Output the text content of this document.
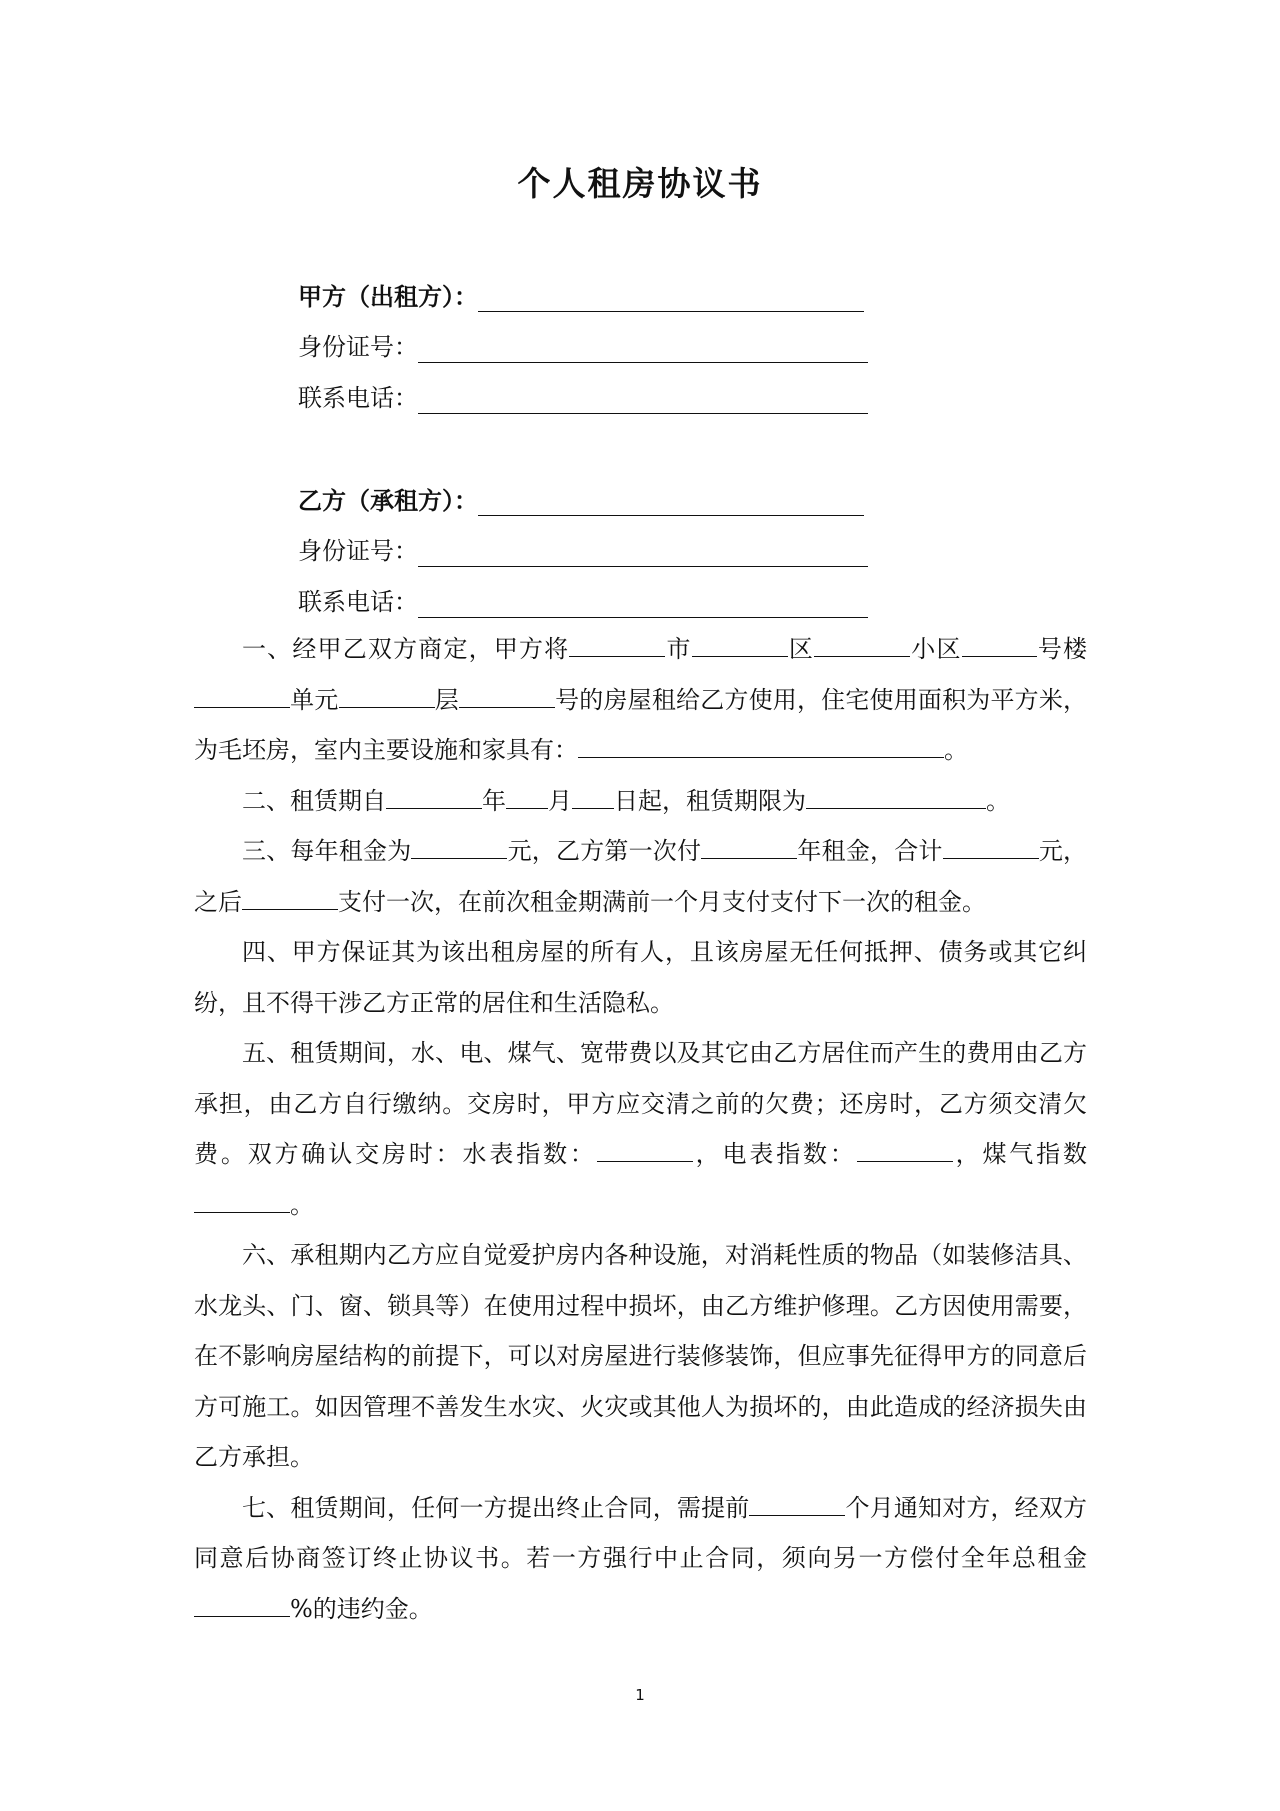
个人租房协议书
甲方（出租方）：
身份证号：
联系电话：
乙方（承租方）：
身份证号：
联系电话：

一、经甲乙双方商定，甲方将	市	区	小区	号楼单元	层	号的房屋租给乙方使用，住宅使用面积为平方米，为毛坯房，室内主要设施和家具有：	。

二、租赁期自	年 月 日起，租赁期限为	。

三、每年租金为	元，乙方第一次付	年租金，合计	元，之后	支付一次，在前次租金期满前一个月支付支付下一次的租金。

四、甲方保证其为该出租房屋的所有人，且该房屋无任何抵押、债务或其它纠纷，且不得干涉乙方正常的居住和生活隐私。

五、租赁期间，水、电、煤气、宽带费以及其它由乙方居住而产生的费用由乙方承担，由乙方自行缴纳。交房时，甲方应交清之前的欠费；还房时，乙方须交清欠费。双方确认交房时：水表指数：	，电表指数：	，煤气指数。

六、承租期内乙方应自觉爱护房内各种设施，对消耗性质的物品（如装修洁具、水龙头、门、窗、锁具等）在使用过程中损坏，由乙方维护修理。乙方因使用需要，在不影响房屋结构的前提下，可以对房屋进行装修装饰，但应事先征得甲方的同意后方可施工。如因管理不善发生水灾、火灾或其他人为损坏的，由此造成的经济损失由乙方承担。

七、租赁期间，任何一方提出终止合同，需提前	个月通知对方，经双方同意后协商签订终止协议书。若一方强行中止合同，须向另一方偿付全年总租金%的违约金。

1
